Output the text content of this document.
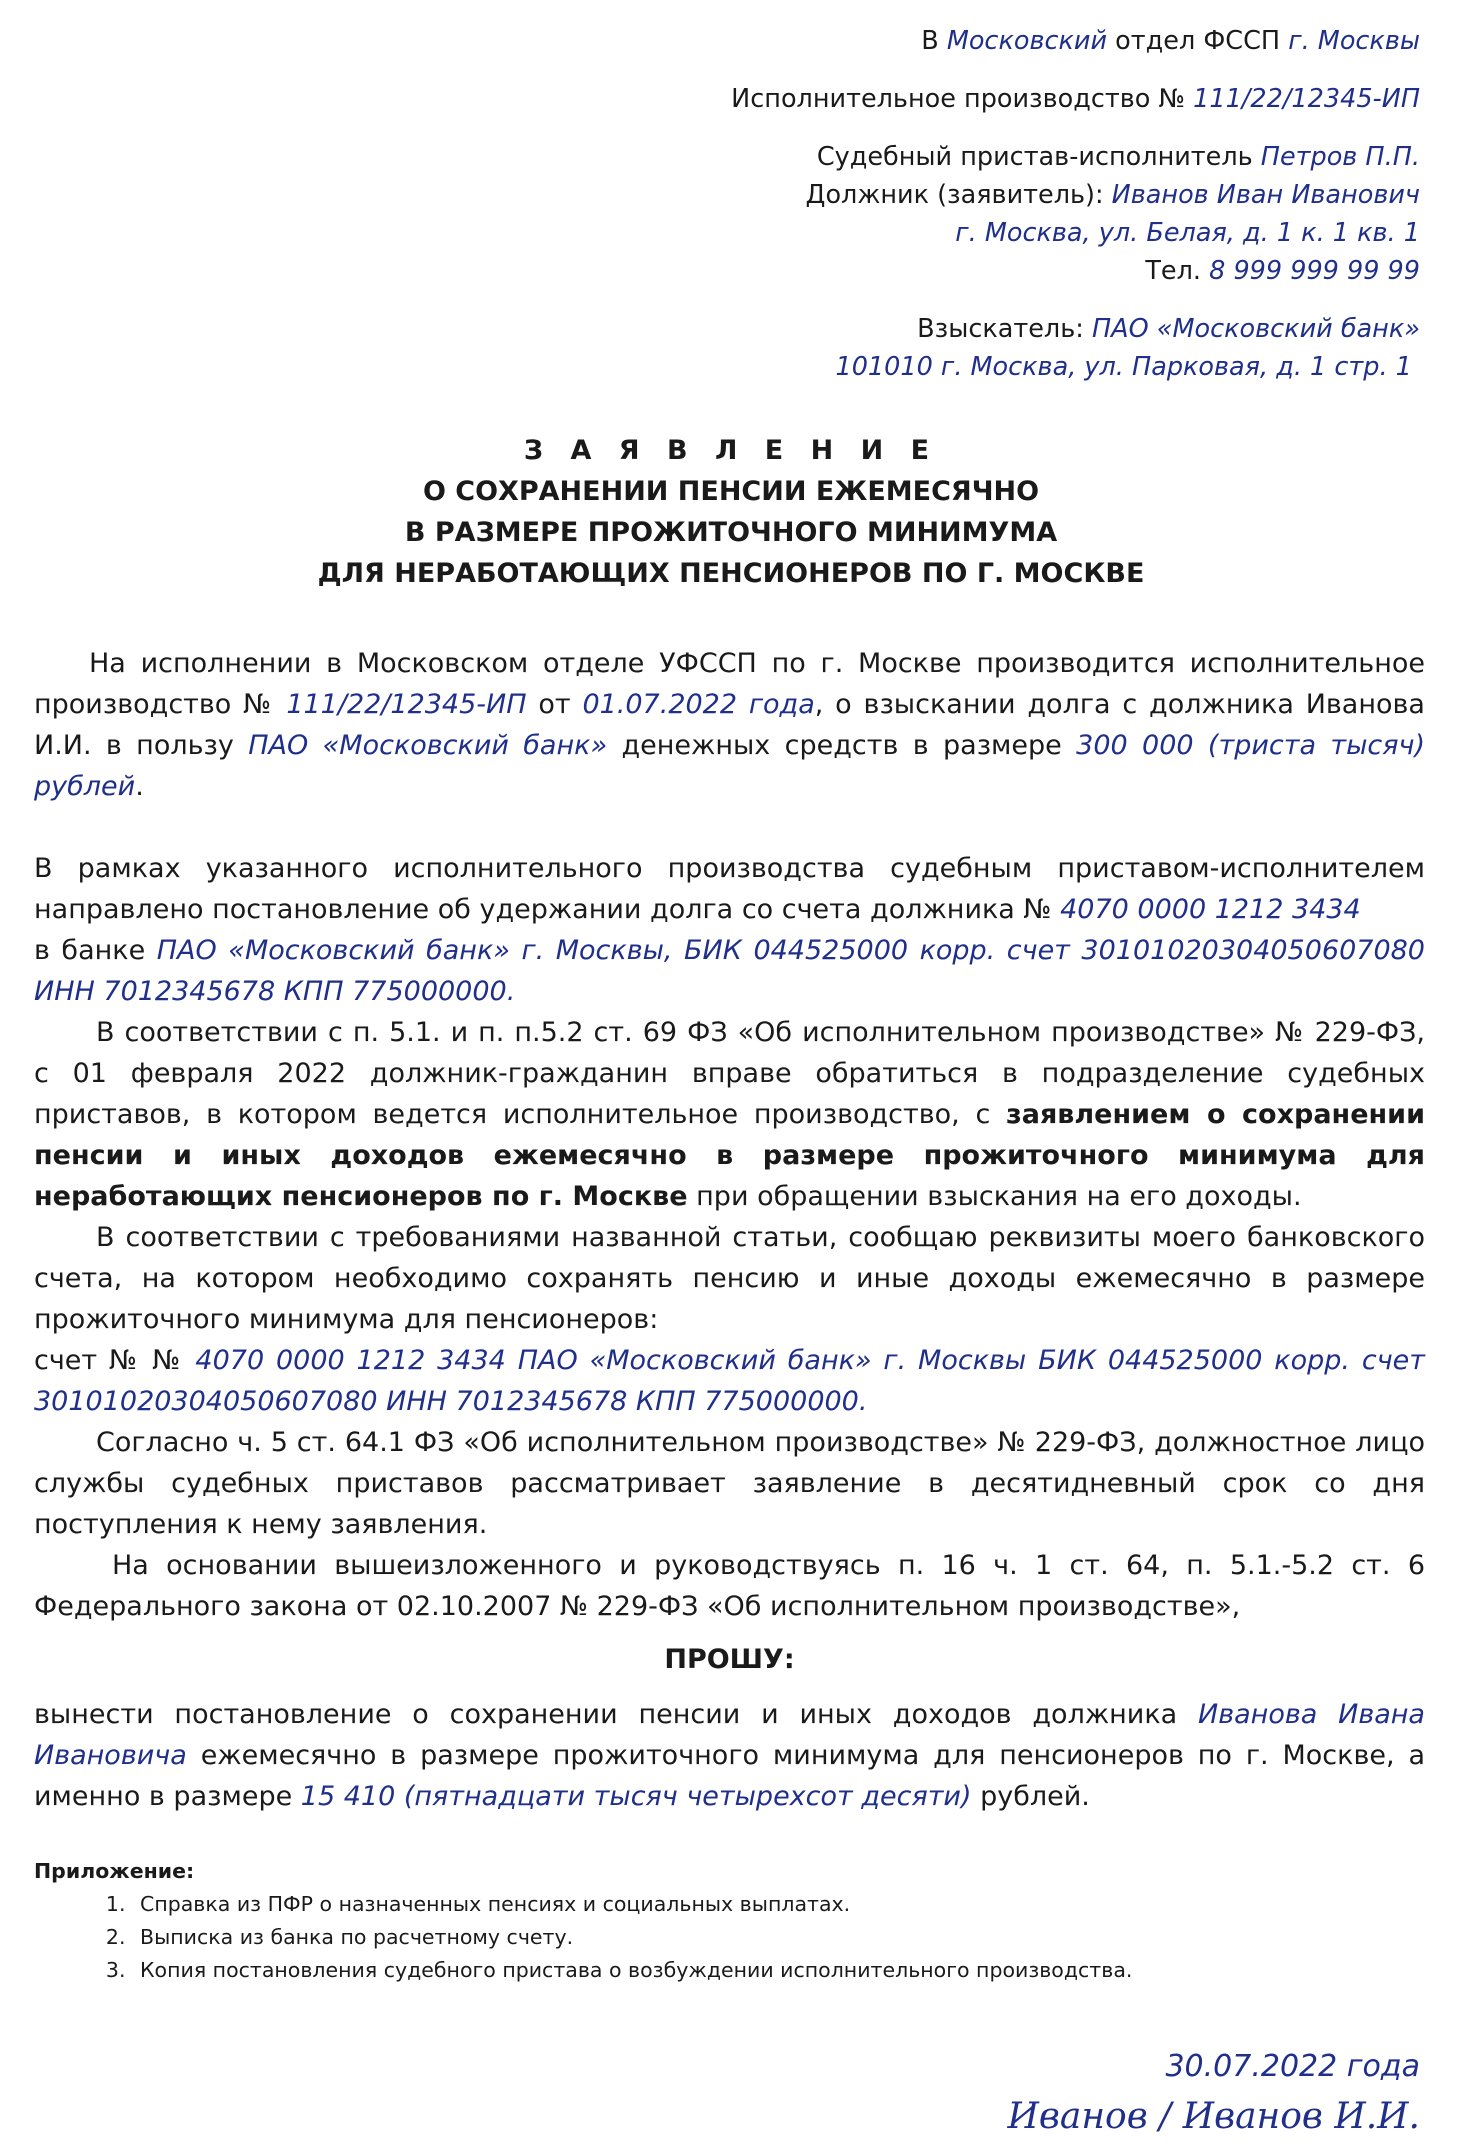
В Московский отдел ФССП г. Москвы
Исполнительное производство № 111/22/12345-ИП
Судебный пристав-исполнитель Петров П.П.
Должник (заявитель): Иванов Иван Иванович
г. Москва, ул. Белая, д. 1 к. 1 кв. 1
Тел. 8 999 999 99 99
Взыскатель: ПАО «Московский банк»
101010 г. Москва, ул. Парковая, д. 1 стр. 1
З А Я В Л Е Н И Е
О СОХРАНЕНИИ ПЕНСИИ ЕЖЕМЕСЯЧНО
В РАЗМЕРЕ ПРОЖИТОЧНОГО МИНИМУМА
ДЛЯ НЕРАБОТАЮЩИХ ПЕНСИОНЕРОВ ПО Г. МОСКВЕ

На исполнении в Московском отделе УФССП по г. Москве производится исполнительное производство № 111/22/12345-ИП от 01.07.2022 года, о взыскании долга с должника Иванова И.И. в пользу ПАО «Московский банк» денежных средств в размере 300 000 (триста тысяч) рублей.

В рамках указанного исполнительного производства судебным приставом-исполнителем направлено постановление об удержании долга со счета должника № 4070 0000 1212 3434
в банке ПАО «Московский банк» г. Москвы, БИК 044525000 корр. счет 30101020304050607080 ИНН 7012345678 КПП 775000000.

В соответствии с п. 5.1. и п. п.5.2 ст. 69 ФЗ «Об исполнительном производстве» № 229-ФЗ, с 01 февраля 2022 должник-гражданин вправе обратиться в подразделение судебных приставов, в котором ведется исполнительное производство, с заявлением о сохранении пенсии и иных доходов ежемесячно в размере прожиточного минимума для неработающих пенсионеров по г. Москве при обращении взыскания на его доходы.

В соответствии с требованиями названной статьи, сообщаю реквизиты моего банковского счета, на котором необходимо сохранять пенсию и иные доходы ежемесячно в размере прожиточного минимума для пенсионеров:

счет № № 4070 0000 1212 3434 ПАО «Московский банк» г. Москвы БИК 044525000 корр. счет 30101020304050607080 ИНН 7012345678 КПП 775000000.

Согласно ч. 5 ст. 64.1 ФЗ «Об исполнительном производстве» № 229-ФЗ, должностное лицо службы судебных приставов рассматривает заявление в десятидневный срок со дня поступления к нему заявления.

На основании вышеизложенного и руководствуясь п. 16 ч. 1 ст. 64, п. 5.1.-5.2 ст. 6 Федерального закона от 02.10.2007 № 229-ФЗ «Об исполнительном производстве»,

ПРОШУ:

вынести постановление о сохранении пенсии и иных доходов должника Иванова Ивана Ивановича ежемесячно в размере прожиточного минимума для пенсионеров по г. Москве, а именно в размере 15 410 (пятнадцати тысяч четырехсот десяти) рублей.

Приложение:
1. Справка из ПФР о назначенных пенсиях и социальных выплатах.
2. Выписка из банка по расчетному счету.
3. Копия постановления судебного пристава о возбуждении исполнительного производства.
30.07.2022 года
Иванов / Иванов И.И.
